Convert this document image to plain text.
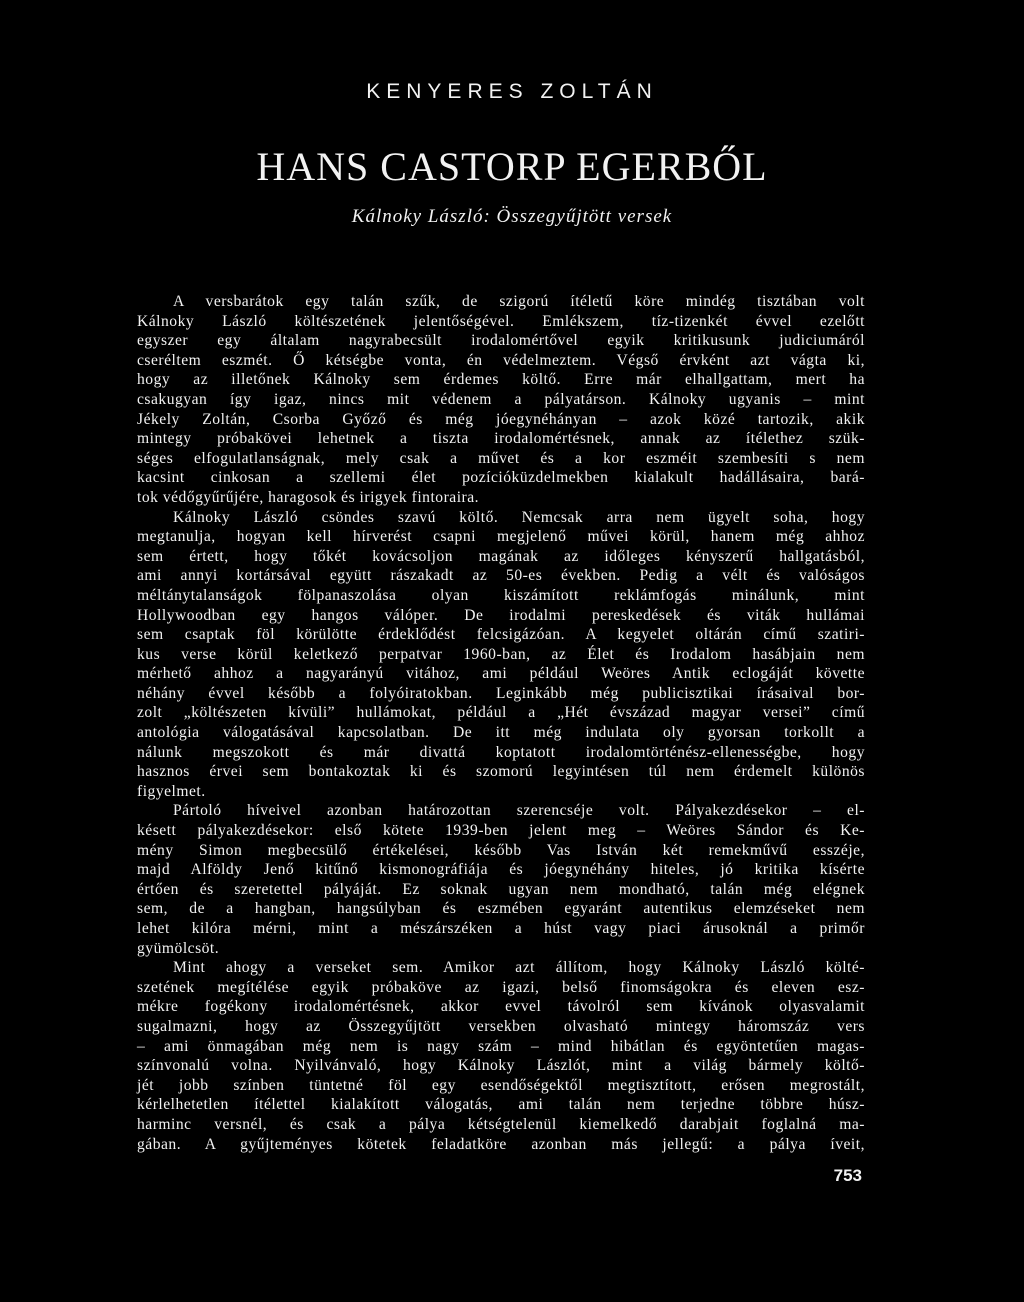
KENYERES ZOLTÁN
HANS CASTORP EGERBŐL
Kálnoky László: Összegyűjtött versek
A versbarátok egy talán szűk, de szigorú ítéletű köre mindég tisztában volt
Kálnoky László költészetének jelentőségével. Emlékszem, tíz-tizenkét évvel ezelőtt
egyszer egy általam nagyrabecsült irodalomértővel egyik kritikusunk judiciumáról
cseréltem eszmét. Ő kétségbe vonta, én védelmeztem. Végső érvként azt vágta ki,
hogy az illetőnek Kálnoky sem érdemes költő. Erre már elhallgattam, mert ha
csakugyan így igaz, nincs mit védenem a pályatárson. Kálnoky ugyanis – mint
Jékely Zoltán, Csorba Győző és még jóegynéhányan – azok közé tartozik, akik
mintegy próbakövei lehetnek a tiszta irodalomértésnek, annak az ítélethez szük-
séges elfogulatlanságnak, mely csak a művet és a kor eszméit szembesíti s nem
kacsint cinkosan a szellemi élet pozícióküzdelmekben kialakult hadállásaira, bará-
tok védőgyűrűjére, haragosok és irigyek fintoraira.
Kálnoky László csöndes szavú költő. Nemcsak arra nem ügyelt soha, hogy
megtanulja, hogyan kell hírverést csapni megjelenő művei körül, hanem még ahhoz
sem értett, hogy tőkét kovácsoljon magának az időleges kényszerű hallgatásból,
ami annyi kortársával együtt rászakadt az 50-es években. Pedig a vélt és valóságos
méltánytalanságok fölpanaszolása olyan kiszámított reklámfogás minálunk, mint
Hollywoodban egy hangos válóper. De irodalmi pereskedések és viták hullámai
sem csaptak föl körülötte érdeklődést felcsigázóan. A kegyelet oltárán című szatiri-
kus verse körül keletkező perpatvar 1960-ban, az Élet és Irodalom hasábjain nem
mérhető ahhoz a nagyarányú vitához, ami például Weöres Antik eclogáját követte
néhány évvel később a folyóiratokban. Leginkább még publicisztikai írásaival bor-
zolt „költészeten kívüli” hullámokat, például a „Hét évszázad magyar versei” című
antológia válogatásával kapcsolatban. De itt még indulata oly gyorsan torkollt a
nálunk megszokott és már divattá koptatott irodalomtörténész-ellenességbe, hogy
hasznos érvei sem bontakoztak ki és szomorú legyintésen túl nem érdemelt különös
figyelmet.
Pártoló híveivel azonban határozottan szerencséje volt. Pályakezdésekor – el-
késett pályakezdésekor: első kötete 1939-ben jelent meg – Weöres Sándor és Ke-
mény Simon megbecsülő értékelései, később Vas István két remekművű esszéje,
majd Alföldy Jenő kitűnő kismonográfiája és jóegynéhány hiteles, jó kritika kísérte
értően és szeretettel pályáját. Ez soknak ugyan nem mondható, talán még elégnek
sem, de a hangban, hangsúlyban és eszmében egyaránt autentikus elemzéseket nem
lehet kilóra mérni, mint a mészárszéken a húst vagy piaci árusoknál a primőr
gyümölcsöt.
Mint ahogy a verseket sem. Amikor azt állítom, hogy Kálnoky László költé-
szetének megítélése egyik próbaköve az igazi, belső finomságokra és eleven esz-
mékre fogékony irodalomértésnek, akkor evvel távolról sem kívánok olyasvalamit
sugalmazni, hogy az Összegyűjtött versekben olvasható mintegy háromszáz vers
– ami önmagában még nem is nagy szám – mind hibátlan és egyöntetűen magas-
színvonalú volna. Nyilvánvaló, hogy Kálnoky Lászlót, mint a világ bármely költő-
jét jobb színben tüntetné föl egy esendőségektől megtisztított, erősen megrostált,
kérlelhetetlen ítélettel kialakított válogatás, ami talán nem terjedne többre húsz-
harminc versnél, és csak a pálya kétségtelenül kiemelkedő darabjait foglalná ma-
gában. A gyűjteményes kötetek feladatköre azonban más jellegű: a pálya íveit,
753
